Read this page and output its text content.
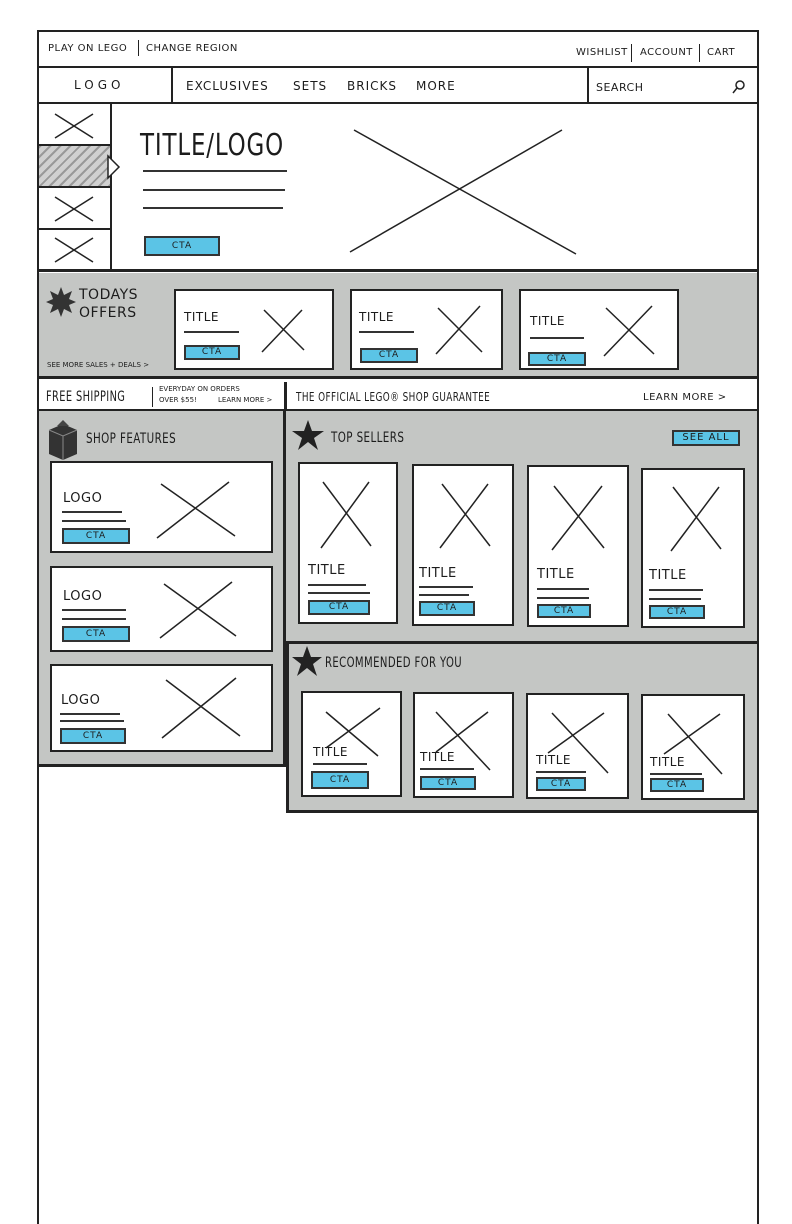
PLAY ON LEGO CHANGE REGION	WISHLIST ACCOUNT CART
LOGO	EXCLUSIVES SETS BRICKS MORE	SEARCH
TITLE/LOGO
CTA
TODAYS
OFFERS
SEE MORE SALES + DEALS >
TITLE
CTA
TITLE
CTA
TITLE
CTA
FREE SHIPPING	EVERYDAY ON ORDERS
OVER $55!	LEARN MORE > THE OFFICIAL LEGO® SHOP GUARANTEE	LEARN MORE >
SHOP FEATURES
LOGO
CTA
LOGO
CTA
LOGO
CTA
TOP SELLERS	SEE ALL
TITLE
CTA
TITLE
CTA
TITLE
CTA
TITLE
CTA
RECOMMENDED FOR YOU
TITLE
CTA
TITLE
CTA
TITLE
CTA
TITLE
CTA
